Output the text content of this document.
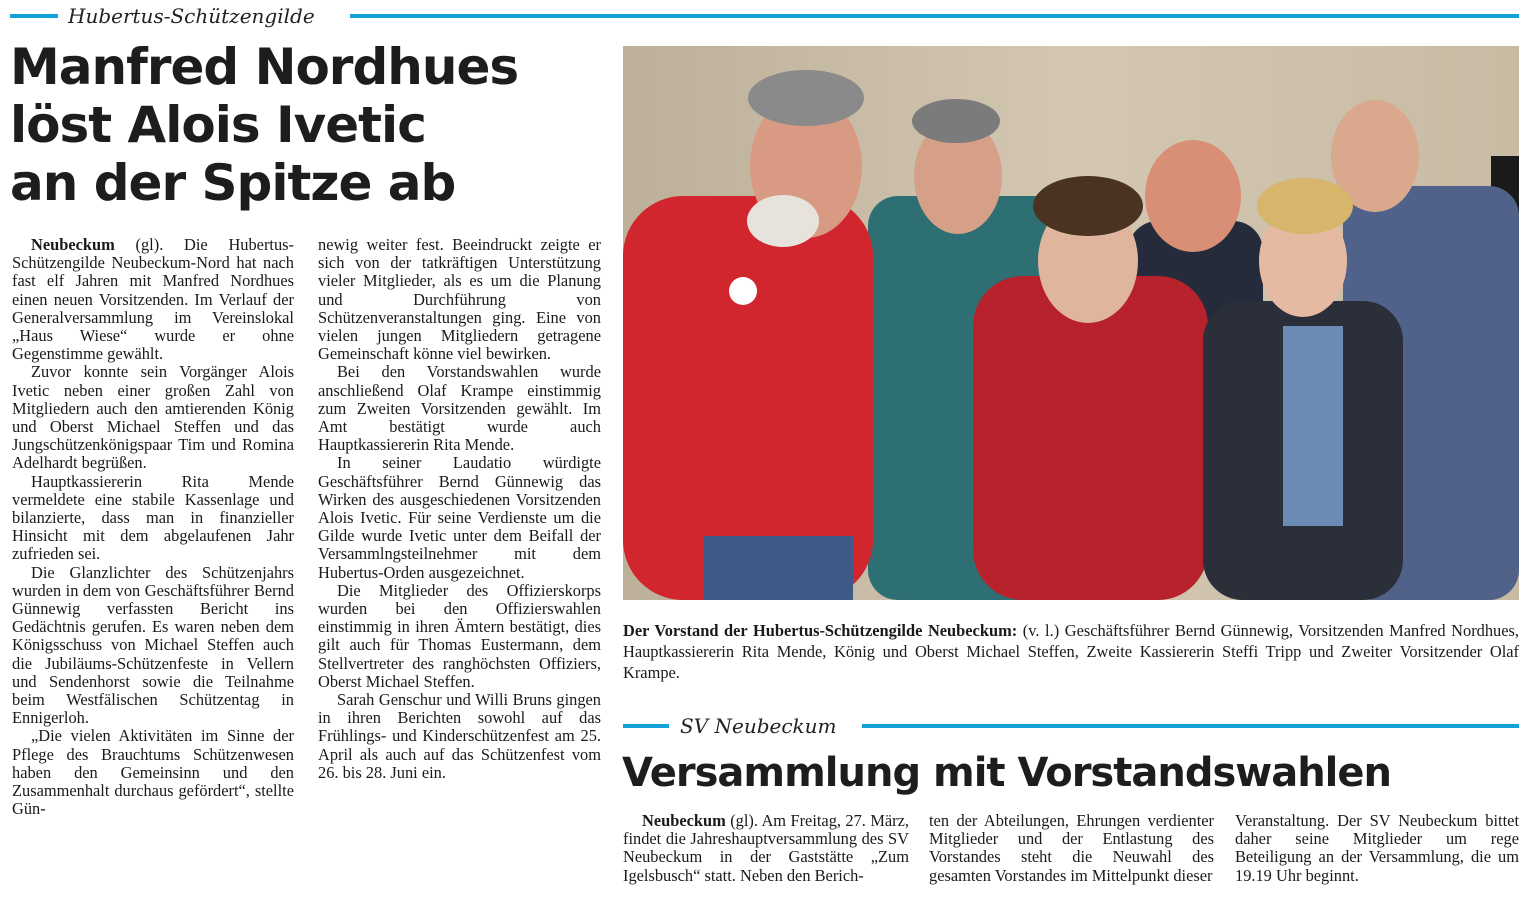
Hubertus-Schützengilde
Manfred Nordhues
löst Alois Ivetic
an der Spitze ab

Neubeckum (gl). Die Hubertus-Schützengilde Neubeckum-Nord hat nach fast elf Jahren mit Manfred Nordhues einen neuen Vorsitzenden. Im Verlauf der Generalversammlung im Vereinslokal „Haus Wiese“ wurde er ohne Gegenstimme gewählt.

Zuvor konnte sein Vorgänger Alois Ivetic neben einer großen Zahl von Mitgliedern auch den amtierenden König und Oberst Michael Steffen und das Jungschützenkönigspaar Tim und Romina Adelhardt begrüßen.

Hauptkassiererin Rita Mende vermeldete eine stabile Kassenlage und bilanzierte, dass man in finanzieller Hinsicht mit dem abgelaufenen Jahr zufrieden sei.

Die Glanzlichter des Schützenjahrs wurden in dem von Geschäftsführer Bernd Günnewig verfassten Bericht ins Gedächtnis gerufen. Es waren neben dem Königsschuss von Michael Steffen auch die Jubiläums-Schützenfeste in Vellern und Sendenhorst sowie die Teilnahme beim Westfälischen Schützentag in Ennigerloh.

„Die vielen Aktivitäten im Sinne der Pflege des Brauchtums Schützenwesen haben den Gemeinsinn und den Zusammenhalt durchaus gefördert“, stellte Gün-

newig weiter fest. Beeindruckt zeigte er sich von der tatkräftigen Unterstützung vieler Mitglieder, als es um die Planung und Durchführung von Schützenveranstaltungen ging. Eine von vielen jungen Mitgliedern getragene Gemeinschaft könne viel bewirken.

Bei den Vorstandswahlen wurde anschließend Olaf Krampe einstimmig zum Zweiten Vorsitzenden gewählt. Im Amt bestätigt wurde auch Hauptkassiererin Rita Mende.

In seiner Laudatio würdigte Geschäftsführer Bernd Günnewig das Wirken des ausgeschiedenen Vorsitzenden Alois Ivetic. Für seine Verdienste um die Gilde wurde Ivetic unter dem Beifall der Versammlngsteilnehmer mit dem Hubertus-Orden ausgezeichnet.

Die Mitglieder des Offizierskorps wurden bei den Offizierswahlen einstimmig in ihren Ämtern bestätigt, dies gilt auch für Thomas Eustermann, dem Stellvertreter des ranghöchsten Offiziers, Oberst Michael Steffen.

Sarah Genschur und Willi Bruns gingen in ihren Berichten sowohl auf das Frühlings- und Kinderschützenfest am 25. April als auch auf das Schützenfest vom 26. bis 28. Juni ein.

Der Vorstand der Hubertus-Schützengilde Neubeckum: (v. l.) Geschäftsführer Bernd Günnewig, Vorsitzenden Manfred Nordhues, Hauptkassiererin Rita Mende, König und Oberst Michael Steffen, Zweite Kassiererin Steffi Tripp und Zweiter Vorsitzender Olaf Krampe.
SV Neubeckum
Versammlung mit Vorstandswahlen

Neubeckum (gl). Am Freitag, 27. März, findet die Jahreshauptversammlung des SV Neubeckum in der Gaststätte „Zum Igelsbusch“ statt. Neben den Berich-

ten der Abteilungen, Ehrungen verdienter Mitglieder und der Entlastung des Vorstandes steht die Neuwahl des gesamten Vorstandes im Mittelpunkt dieser

Veranstaltung. Der SV Neubeckum bittet daher seine Mitglieder um rege Beteiligung an der Versammlung, die um 19.19 Uhr beginnt.
